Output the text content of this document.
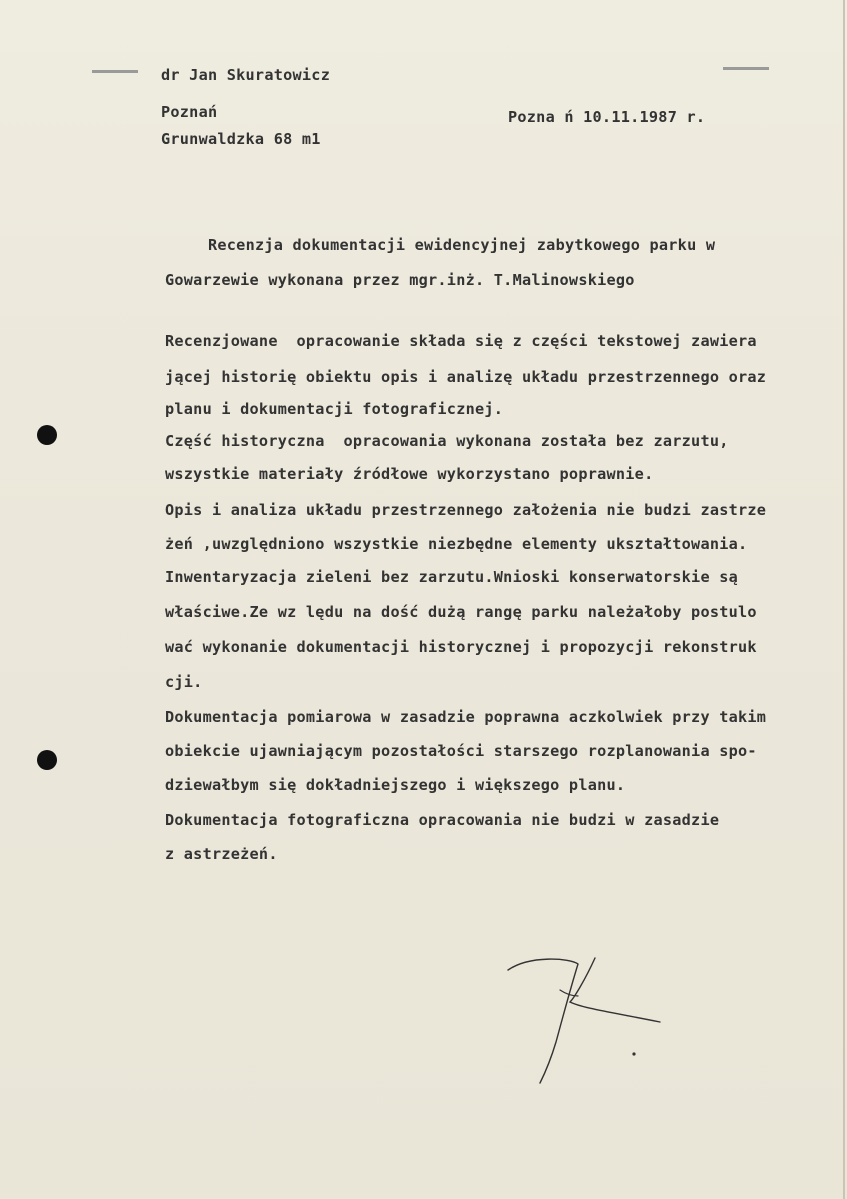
dr Jan Skuratowicz
Poznań
Grunwaldzka 68 m1
Pozna ń 10.11.1987 r.
Recenzja dokumentacji ewidencyjnej zabytkowego parku w
Gowarzewie wykonana przez mgr.inż. T.Malinowskiego
Recenzjowane  opracowanie składa się z części tekstowej zawiera
jącej historię obiektu opis i analizę układu przestrzennego oraz
planu i dokumentacji fotograficznej.
Część historyczna  opracowania wykonana została bez zarzutu,
wszystkie materiały źródłowe wykorzystano poprawnie.
Opis i analiza układu przestrzennego założenia nie budzi zastrze
żeń ,uwzględniono wszystkie niezbędne elementy ukształtowania.
Inwentaryzacja zieleni bez zarzutu.Wnioski konserwatorskie są
właściwe.Ze wz lędu na dość dużą rangę parku należałoby postulo
wać wykonanie dokumentacji historycznej i propozycji rekonstruk
cji.
Dokumentacja pomiarowa w zasadzie poprawna aczkolwiek przy takim
obiekcie ujawniającym pozostałości starszego rozplanowania spo-
dziewałbym się dokładniejszego i większego planu.
Dokumentacja fotograficzna opracowania nie budzi w zasadzie
z astrzeżeń.
